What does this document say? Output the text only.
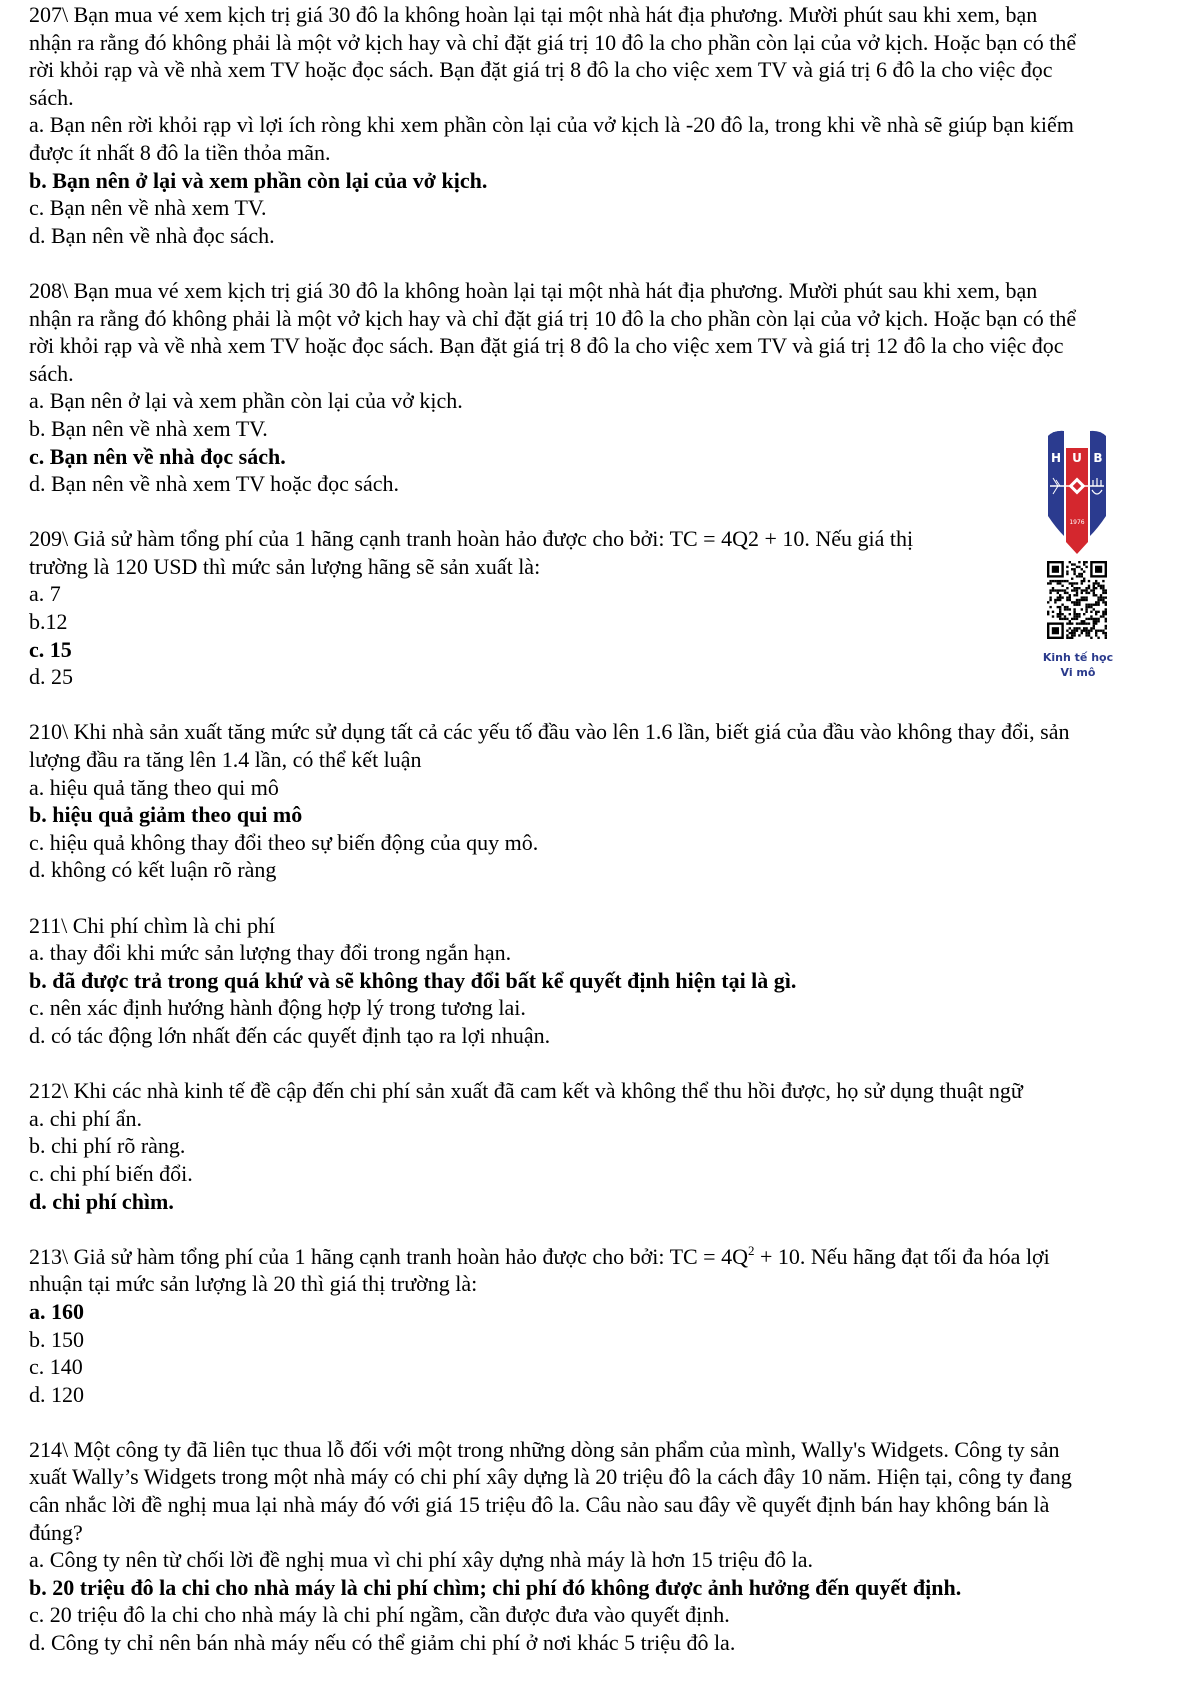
207\ Bạn mua vé xem kịch trị giá 30 đô la không hoàn lại tại một nhà hát địa phương. Mười phút sau khi xem, bạn
nhận ra rằng đó không phải là một vở kịch hay và chỉ đặt giá trị 10 đô la cho phần còn lại của vở kịch. Hoặc bạn có thể
rời khỏi rạp và về nhà xem TV hoặc đọc sách. Bạn đặt giá trị 8 đô la cho việc xem TV và giá trị 6 đô la cho việc đọc
sách.
a. Bạn nên rời khỏi rạp vì lợi ích ròng khi xem phần còn lại của vở kịch là -20 đô la, trong khi về nhà sẽ giúp bạn kiếm
được ít nhất 8 đô la tiền thỏa mãn.
b. Bạn nên ở lại và xem phần còn lại của vở kịch.
c. Bạn nên về nhà xem TV.
d. Bạn nên về nhà đọc sách.
208\ Bạn mua vé xem kịch trị giá 30 đô la không hoàn lại tại một nhà hát địa phương. Mười phút sau khi xem, bạn
nhận ra rằng đó không phải là một vở kịch hay và chỉ đặt giá trị 10 đô la cho phần còn lại của vở kịch. Hoặc bạn có thể
rời khỏi rạp và về nhà xem TV hoặc đọc sách. Bạn đặt giá trị 8 đô la cho việc xem TV và giá trị 12 đô la cho việc đọc
sách.
a. Bạn nên ở lại và xem phần còn lại của vở kịch.
b. Bạn nên về nhà xem TV.
c. Bạn nên về nhà đọc sách.
d. Bạn nên về nhà xem TV hoặc đọc sách.
209\ Giả sử hàm tổng phí của 1 hãng cạnh tranh hoàn hảo được cho bởi: TC = 4Q2 + 10. Nếu giá thị
trường là 120 USD thì mức sản lượng hãng sẽ sản xuất là:
a. 7
b.12
c. 15
d. 25
210\ Khi nhà sản xuất tăng mức sử dụng tất cả các yếu tố đầu vào lên 1.6 lần, biết giá của đầu vào không thay đổi, sản
lượng đầu ra tăng lên 1.4 lần, có thể kết luận
a. hiệu quả tăng theo qui mô
b. hiệu quả giảm theo qui mô
c. hiệu quả không thay đổi theo sự biến động của quy mô.
d. không có kết luận rõ ràng
211\ Chi phí chìm là chi phí
a. thay đổi khi mức sản lượng thay đổi trong ngắn hạn.
b. đã được trả trong quá khứ và sẽ không thay đổi bất kể quyết định hiện tại là gì.
c. nên xác định hướng hành động hợp lý trong tương lai.
d. có tác động lớn nhất đến các quyết định tạo ra lợi nhuận.
212\ Khi các nhà kinh tế đề cập đến chi phí sản xuất đã cam kết và không thể thu hồi được, họ sử dụng thuật ngữ
a. chi phí ẩn.
b. chi phí rõ ràng.
c. chi phí biến đổi.
d. chi phí chìm.
213\ Giả sử hàm tổng phí của 1 hãng cạnh tranh hoàn hảo được cho bởi: TC = $4Q^2 + 10$. Nếu hãng đạt tối đa hóa lợi
nhuận tại mức sản lượng là 20 thì giá thị trường là:
a. 160
b. 150
c. 140
d. 120
214\ Một công ty đã liên tục thua lỗ đối với một trong những dòng sản phẩm của mình, Wally's Widgets. Công ty sản
xuất Wally’s Widgets trong một nhà máy có chi phí xây dựng là 20 triệu đô la cách đây 10 năm. Hiện tại, công ty đang
cân nhắc lời đề nghị mua lại nhà máy đó với giá 15 triệu đô la. Câu nào sau đây về quyết định bán hay không bán là
đúng?
a. Công ty nên từ chối lời đề nghị mua vì chi phí xây dựng nhà máy là hơn 15 triệu đô la.
b. 20 triệu đô la chi cho nhà máy là chi phí chìm; chi phí đó không được ảnh hưởng đến quyết định.
c. 20 triệu đô la chi cho nhà máy là chi phí ngầm, cần được đưa vào quyết định.
d. Công ty chỉ nên bán nhà máy nếu có thể giảm chi phí ở nơi khác 5 triệu đô la.
H U B
1976
Kinh tế học
Vi mô
